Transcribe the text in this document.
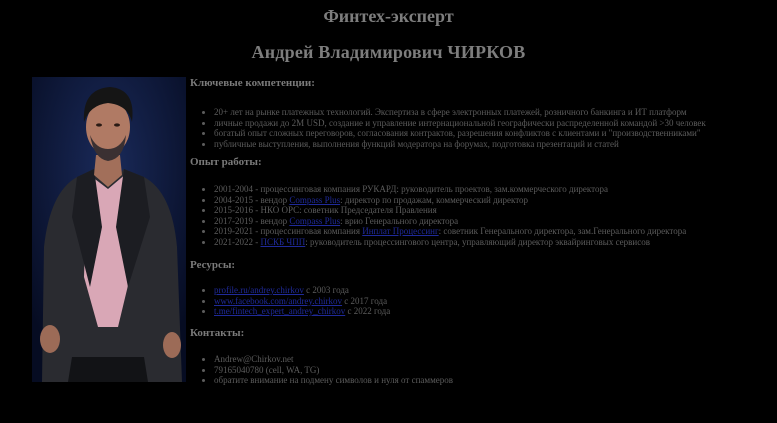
Финтех-эксперт
Андрей Владимирович ЧИРКОВ
Ключевые компетенции:
• 20+ лет на рынке платежных технологий. Экспертиза в сфере электронных платежей, розничного банкинга и ИТ платформ
• личные продажи до 2M USD, создание и управление интернациональной географически распределенной командой >30 человек
• богатый опыт сложных переговоров, согласования контрактов, разрешения конфликтов с клиентами и "производственниками"
• публичные выступления, выполнения функций модератора на форумах, подготовка презентаций и статей
Опыт работы:
• 2001-2004 - процессинговая компания РУКАРД: руководитель проектов, зам.коммерческого директора
• 2004-2015 - вендор Compass Plus: директор по продажам, коммерческий директор
• 2015-2016 - НКО ОРС: советник Председателя Правления
• 2017-2019 - вендор Compass Plus: врио Генерального директора
• 2019-2021 - процессинговая компания Инплат Процессинг: советник Генерального директора, зам.Генерального директора
• 2021-2022 - ПСКБ ЧПП: руководитель процессингового центра, управляющий директор эквайринговых сервисов
Ресурсы:
• profile.ru/andrey.chirkov с 2003 года
• www.facebook.com/andrey.chirkov с 2017 года
• t.me/fintech_expert_andrey_chirkov с 2022 года
Контакты:
• Andrew@Chirkov.net
• 79165040780 (cell, WA, TG)
• обратите внимание на подмену символов и нуля от спаммеров
